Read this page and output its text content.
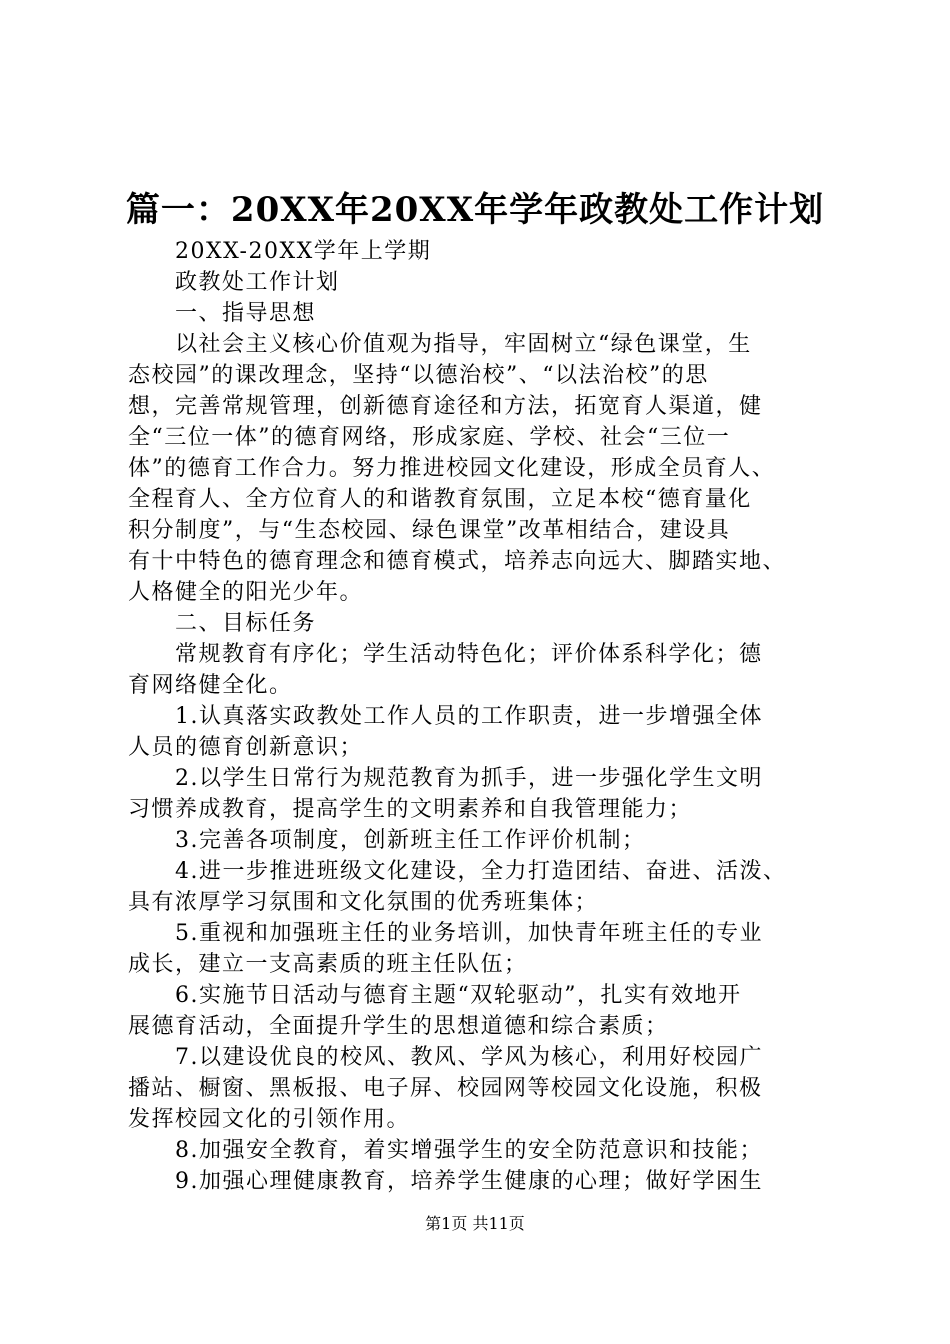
篇一：20XX年20XX年学年政教处工作计划
　　20XX-20XX学年上学期
　　政教处工作计划
　　一、指导思想
　　以社会主义核心价值观为指导，牢固树立“绿色课堂，生
态校园”的课改理念，坚持“以德治校”、“以法治校”的思
想，完善常规管理，创新德育途径和方法，拓宽育人渠道，健
全“三位一体”的德育网络，形成家庭、学校、社会“三位一
体”的德育工作合力。努力推进校园文化建设，形成全员育人、
全程育人、全方位育人的和谐教育氛围，立足本校“德育量化
积分制度”，与“生态校园、绿色课堂”改革相结合，建设具
有十中特色的德育理念和德育模式，培养志向远大、脚踏实地、
人格健全的阳光少年。
　　二、目标任务
　　常规教育有序化；学生活动特色化；评价体系科学化；德
育网络健全化。
　　1.认真落实政教处工作人员的工作职责，进一步增强全体
人员的德育创新意识；
　　2.以学生日常行为规范教育为抓手，进一步强化学生文明
习惯养成教育，提高学生的文明素养和自我管理能力；
　　3.完善各项制度，创新班主任工作评价机制；
　　4.进一步推进班级文化建设，全力打造团结、奋进、活泼、
具有浓厚学习氛围和文化氛围的优秀班集体；
　　5.重视和加强班主任的业务培训，加快青年班主任的专业
成长，建立一支高素质的班主任队伍；
　　6.实施节日活动与德育主题“双轮驱动”，扎实有效地开
展德育活动，全面提升学生的思想道德和综合素质；
　　7.以建设优良的校风、教风、学风为核心，利用好校园广
播站、橱窗、黑板报、电子屏、校园网等校园文化设施，积极
发挥校园文化的引领作用。
　　8.加强安全教育，着实增强学生的安全防范意识和技能；
　　9.加强心理健康教育，培养学生健康的心理；做好学困生
第1页 共11页
